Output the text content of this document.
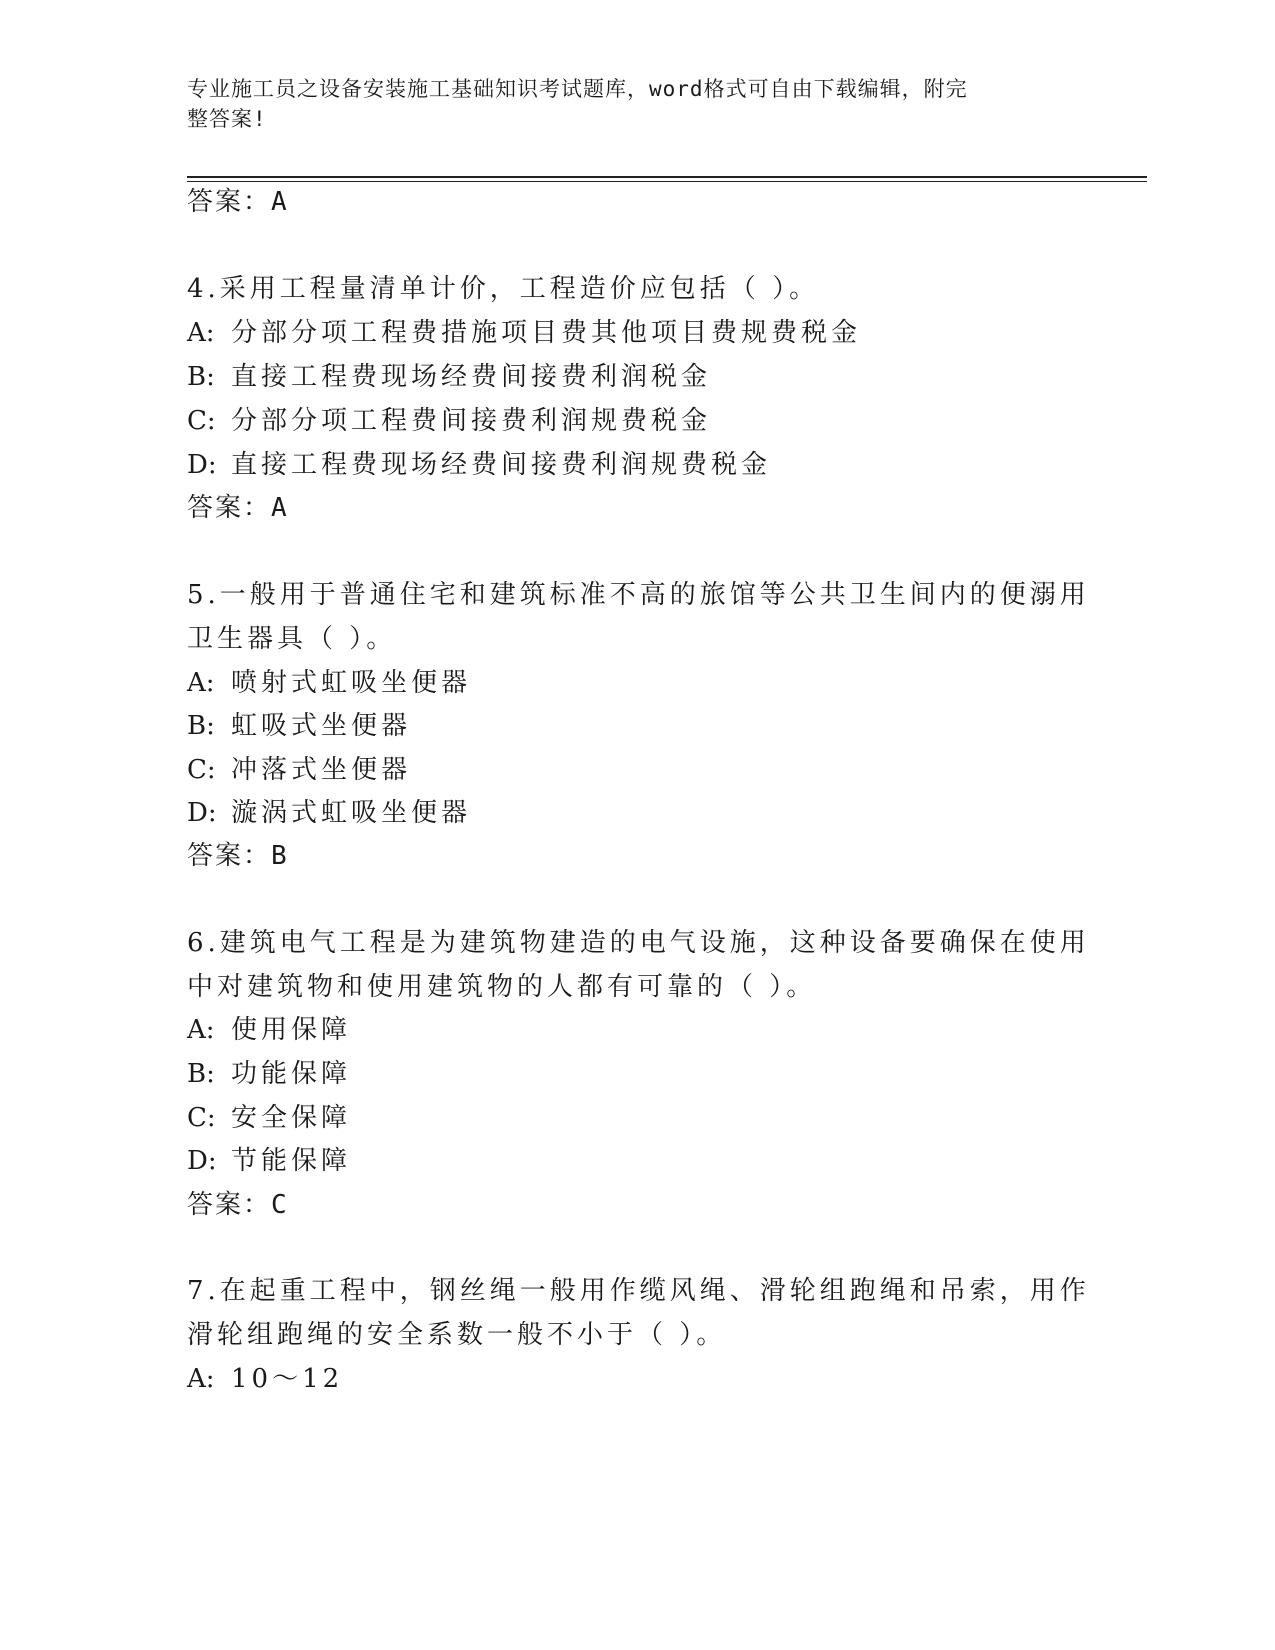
专业施工员之设备安装施工基础知识考试题库，word格式可自由下载编辑，附完
整答案!
答案：A
4.采用工程量清单计价，工程造价应包括（ ）。
A: 分部分项工程费措施项目费其他项目费规费税金
B: 直接工程费现场经费间接费利润税金
C: 分部分项工程费间接费利润规费税金
D: 直接工程费现场经费间接费利润规费税金
答案：A
5.一般用于普通住宅和建筑标准不高的旅馆等公共卫生间内的便溺用
卫生器具（ ）。
A: 喷射式虹吸坐便器
B: 虹吸式坐便器
C: 冲落式坐便器
D: 漩涡式虹吸坐便器
答案：B
6.建筑电气工程是为建筑物建造的电气设施，这种设备要确保在使用
中对建筑物和使用建筑物的人都有可靠的（ ）。
A: 使用保障
B: 功能保障
C: 安全保障
D: 节能保障
答案：C
7.在起重工程中，钢丝绳一般用作缆风绳、滑轮组跑绳和吊索，用作
滑轮组跑绳的安全系数一般不小于（ ）。
A: 10～12
